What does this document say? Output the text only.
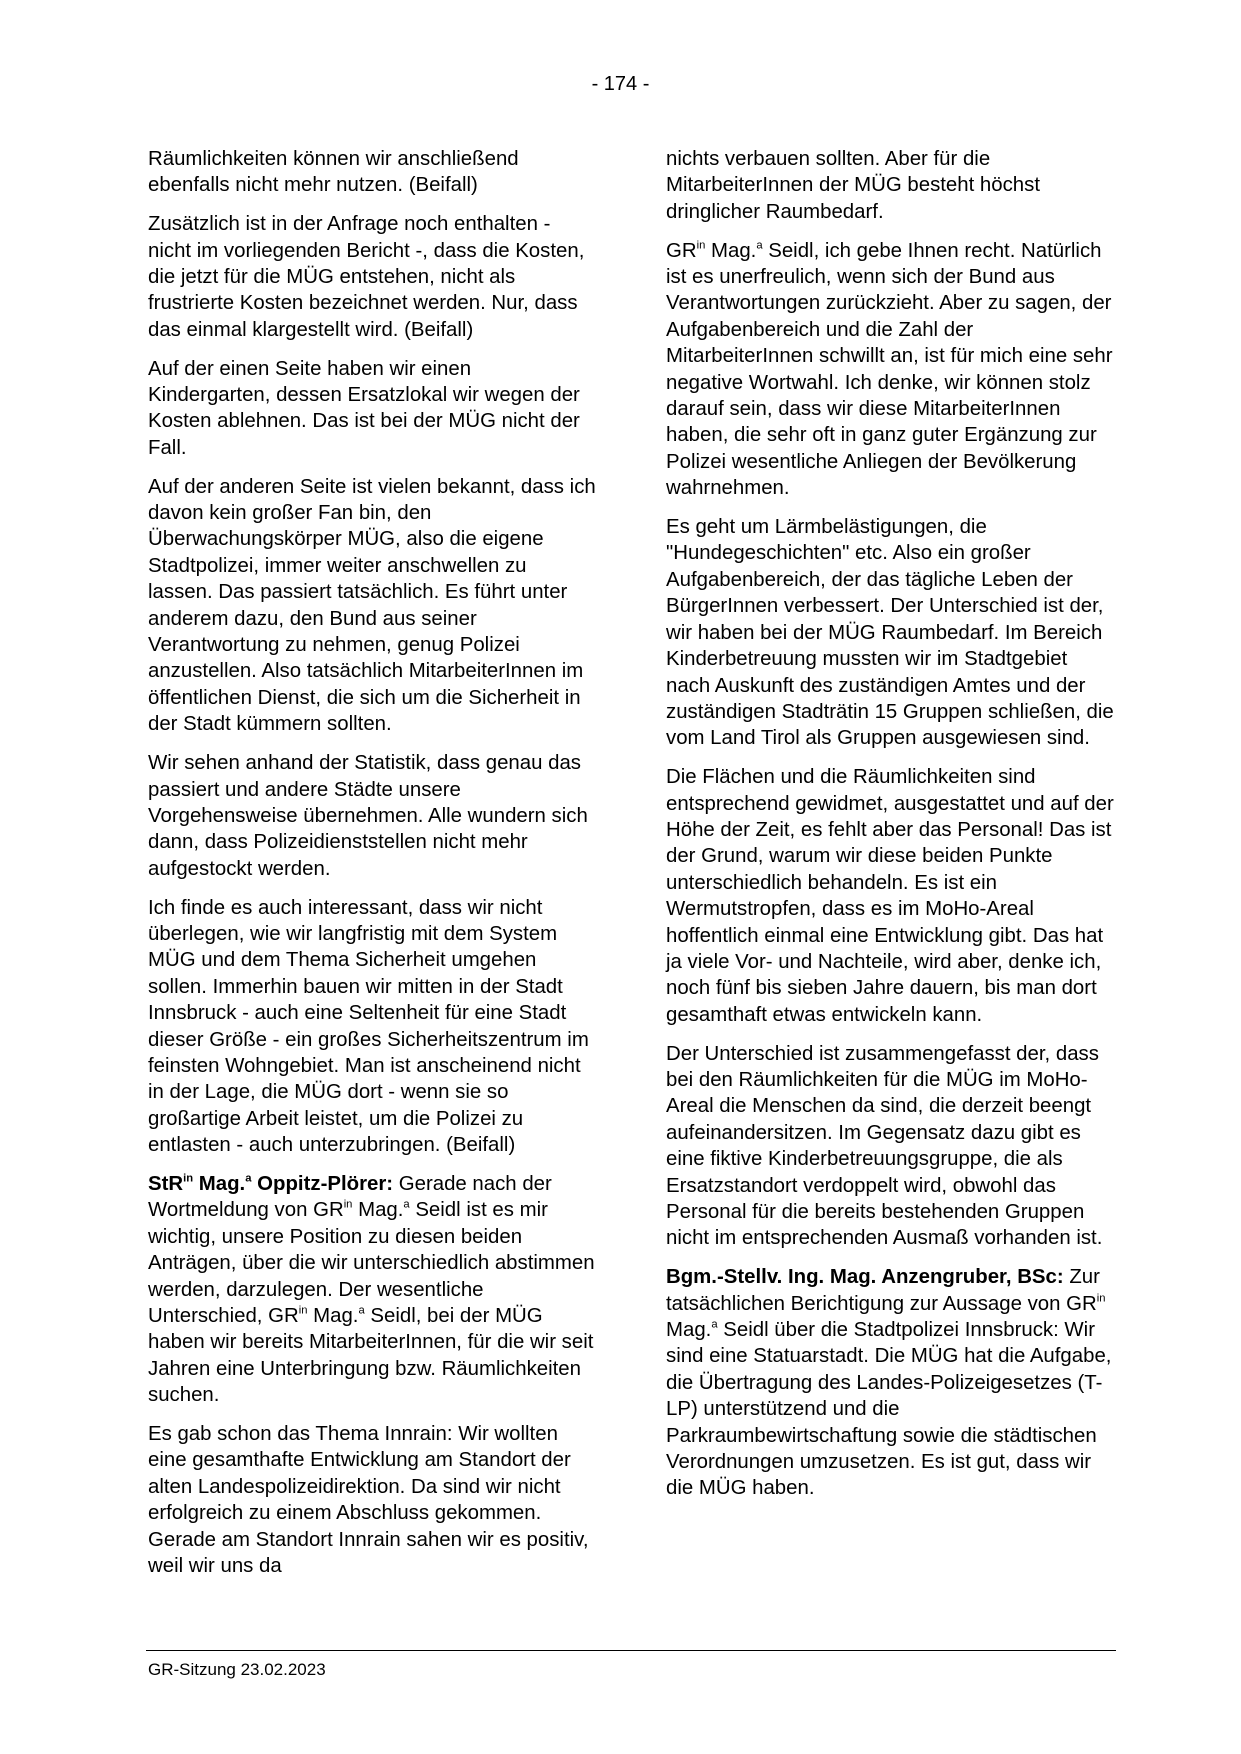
- 174 -

Räumlichkeiten können wir anschließend ebenfalls nicht mehr nutzen. (Beifall)

Zusätzlich ist in der Anfrage noch enthalten - nicht im vorliegenden Bericht -, dass die Kosten, die jetzt für die MÜG entstehen, nicht als frustrierte Kosten bezeichnet werden. Nur, dass das einmal klargestellt wird. (Beifall)

Auf der einen Seite haben wir einen Kindergarten, dessen Ersatzlokal wir wegen der Kosten ablehnen. Das ist bei der MÜG nicht der Fall.

Auf der anderen Seite ist vielen bekannt, dass ich davon kein großer Fan bin, den Überwachungskörper MÜG, also die eigene Stadtpolizei, immer weiter anschwellen zu lassen. Das passiert tatsächlich. Es führt unter anderem dazu, den Bund aus seiner Verantwortung zu nehmen, genug Polizei anzustellen. Also tatsächlich MitarbeiterInnen im öffentlichen Dienst, die sich um die Sicherheit in der Stadt kümmern sollten.

Wir sehen anhand der Statistik, dass genau das passiert und andere Städte unsere Vorgehensweise übernehmen. Alle wundern sich dann, dass Polizeidienststellen nicht mehr aufgestockt werden.

Ich finde es auch interessant, dass wir nicht überlegen, wie wir langfristig mit dem System MÜG und dem Thema Sicherheit umgehen sollen. Immerhin bauen wir mitten in der Stadt Innsbruck - auch eine Seltenheit für eine Stadt dieser Größe - ein großes Sicherheitszentrum im feinsten Wohngebiet. Man ist anscheinend nicht in der Lage, die MÜG dort - wenn sie so großartige Arbeit leistet, um die Polizei zu entlasten - auch unterzubringen. (Beifall)

StR$^{in}$ Mag.$^a$ Oppitz-Plörer: Gerade nach der Wortmeldung von $GR^{in}$ Mag.$^a$ Seidl ist es mir wichtig, unsere Position zu diesen beiden Anträgen, über die wir unterschiedlich abstimmen werden, darzulegen. Der wesentliche Unterschied, $GR^{in}$ Mag.$^a$ Seidl, bei der MÜG haben wir bereits MitarbeiterInnen, für die wir seit Jahren eine Unterbringung bzw. Räumlichkeiten suchen.

Es gab schon das Thema Innrain: Wir wollten eine gesamthafte Entwicklung am Standort der alten Landespolizeidirektion. Da sind wir nicht erfolgreich zu einem Abschluss gekommen. Gerade am Standort Innrain sahen wir es positiv, weil wir uns da

nichts verbauen sollten. Aber für die MitarbeiterInnen der MÜG besteht höchst dringlicher Raumbedarf.

$GR^{in}$ Mag.$^a$ Seidl, ich gebe Ihnen recht. Natürlich ist es unerfreulich, wenn sich der Bund aus Verantwortungen zurückzieht. Aber zu sagen, der Aufgabenbereich und die Zahl der MitarbeiterInnen schwillt an, ist für mich eine sehr negative Wortwahl. Ich denke, wir können stolz darauf sein, dass wir diese MitarbeiterInnen haben, die sehr oft in ganz guter Ergänzung zur Polizei wesentliche Anliegen der Bevölkerung wahrnehmen.

Es geht um Lärmbelästigungen, die "Hundegeschichten" etc. Also ein großer Aufgabenbereich, der das tägliche Leben der BürgerInnen verbessert. Der Unterschied ist der, wir haben bei der MÜG Raumbedarf. Im Bereich Kinderbetreuung mussten wir im Stadtgebiet nach Auskunft des zuständigen Amtes und der zuständigen Stadträtin 15 Gruppen schließen, die vom Land Tirol als Gruppen ausgewiesen sind.

Die Flächen und die Räumlichkeiten sind entsprechend gewidmet, ausgestattet und auf der Höhe der Zeit, es fehlt aber das Personal! Das ist der Grund, warum wir diese beiden Punkte unterschiedlich behandeln. Es ist ein Wermutstropfen, dass es im MoHo-Areal hoffentlich einmal eine Entwicklung gibt. Das hat ja viele Vor- und Nachteile, wird aber, denke ich, noch fünf bis sieben Jahre dauern, bis man dort gesamthaft etwas entwickeln kann.

Der Unterschied ist zusammengefasst der, dass bei den Räumlichkeiten für die MÜG im MoHo-Areal die Menschen da sind, die derzeit beengt aufeinandersitzen. Im Gegensatz dazu gibt es eine fiktive Kinderbetreuungsgruppe, die als Ersatzstandort verdoppelt wird, obwohl das Personal für die bereits bestehenden Gruppen nicht im entsprechenden Ausmaß vorhanden ist.

Bgm.-Stellv. Ing. Mag. Anzengruber, BSc: Zur tatsächlichen Berichtigung zur Aussage von $GR^{in}$ Mag.$^a$ Seidl über die Stadtpolizei Innsbruck: Wir sind eine Statuarstadt. Die MÜG hat die Aufgabe, die Übertragung des Landes-Polizeigesetzes (T-LP) unterstützend und die Parkraumbewirtschaftung sowie die städtischen Verordnungen umzusetzen. Es ist gut, dass wir die MÜG haben.

GR-Sitzung 23.02.2023
